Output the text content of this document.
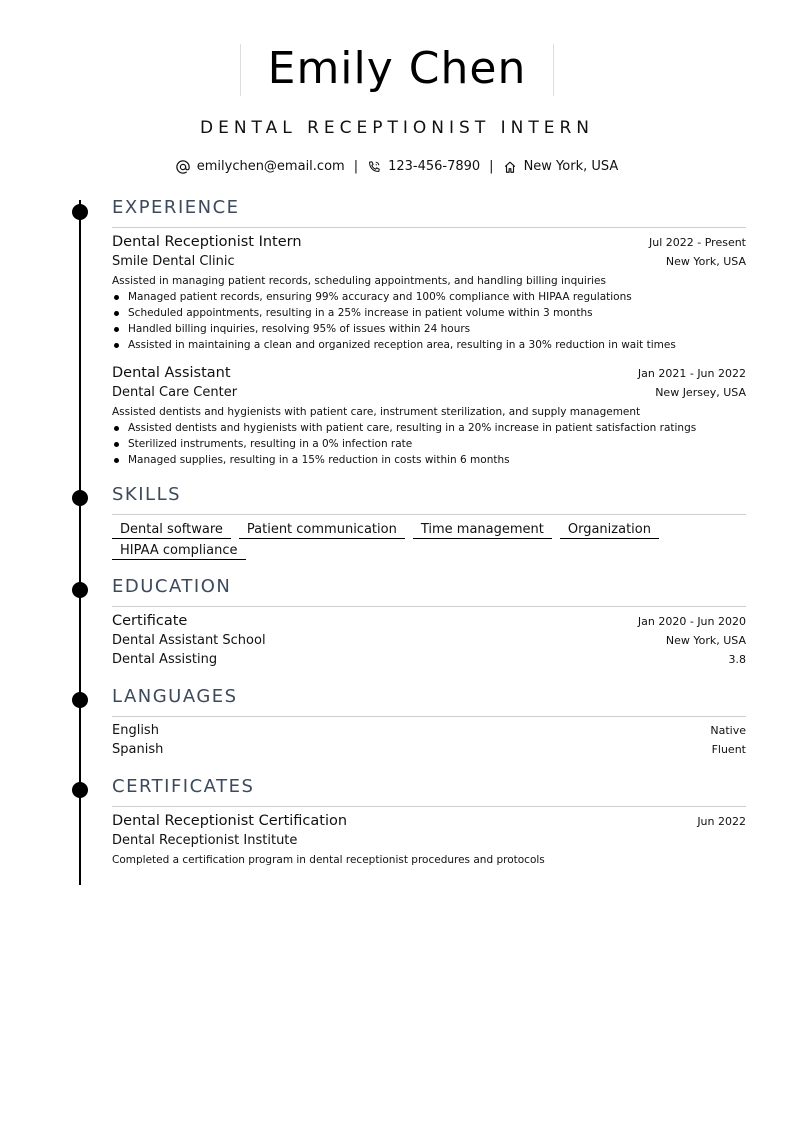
Emily Chen
DENTAL RECEPTIONIST INTERN
emilychen@email.com | 123-456-7890 | New York, USA
EXPERIENCE
Dental Receptionist Intern	Jul 2022 - Present
Smile Dental Clinic	New York, USA
Assisted in managing patient records, scheduling appointments, and handling billing inquiries
Managed patient records, ensuring 99% accuracy and 100% compliance with HIPAA regulations
Scheduled appointments, resulting in a 25% increase in patient volume within 3 months
Handled billing inquiries, resolving 95% of issues within 24 hours
Assisted in maintaining a clean and organized reception area, resulting in a 30% reduction in wait times
Dental Assistant	Jan 2021 - Jun 2022
Dental Care Center	New Jersey, USA
Assisted dentists and hygienists with patient care, instrument sterilization, and supply management
Assisted dentists and hygienists with patient care, resulting in a 20% increase in patient satisfaction ratings
Sterilized instruments, resulting in a 0% infection rate
Managed supplies, resulting in a 15% reduction in costs within 6 months
SKILLS
Dental software	Patient communication	Time management	Organization
HIPAA compliance
EDUCATION
Certificate	Jan 2020 - Jun 2020
Dental Assistant School	New York, USA
Dental Assisting	3.8
LANGUAGES
English	Native
Spanish	Fluent
CERTIFICATES
Dental Receptionist Certification	Jun 2022
Dental Receptionist Institute
Completed a certification program in dental receptionist procedures and protocols
